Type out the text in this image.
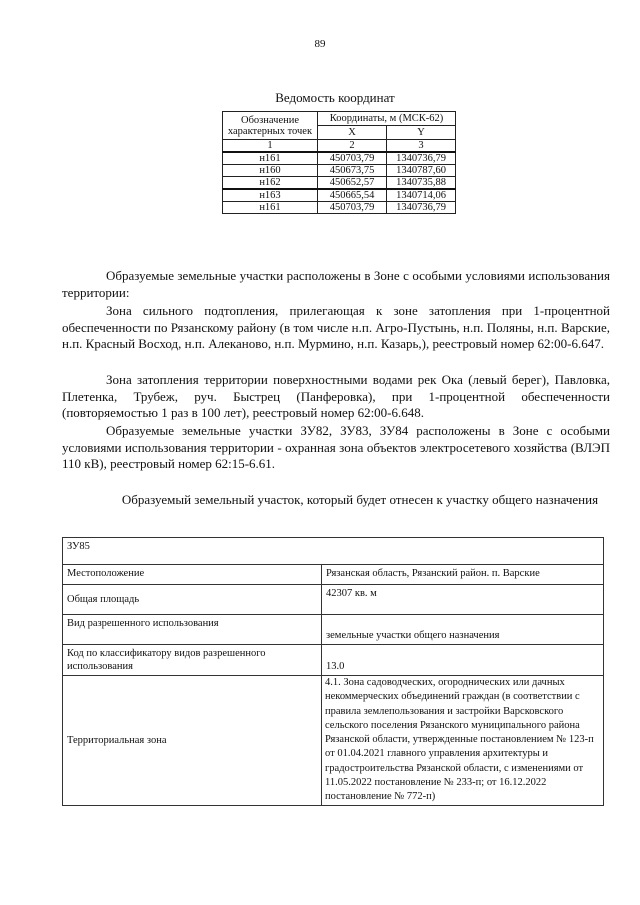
89
Ведомость координат
Обозначение характерных точек	Координаты, м (МСК-62)	
	X	Y
1	2	3
н161	450703,79	1340736,79
н160	450673,75	1340787,60
н162	450652,57	1340735,88
н163	450665,54	1340714,06
н161	450703,79	1340736,79

Образуемые земельные участки расположены в Зоне с особыми условиями использования территории:

Зона сильного подтопления, прилегающая к зоне затопления при 1-процентной обеспеченности по Рязанскому району (в том числе н.п. Агро-Пустынь, н.п. Поляны, н.п. Варские, н.п. Красный Восход, н.п. Алеканово, н.п. Мурмино, н.п. Казарь,), реестровый номер 62:00-6.647.

Зона затопления территории поверхностными водами рек Ока (левый берег), Павловка, Плетенка, Трубеж, руч. Быстрец (Панферовка), при 1-процентной обеспеченности (повторяемостью 1 раз в 100 лет), реестровый номер 62:00-6.648.

Образуемые земельные участки ЗУ82, ЗУ83, ЗУ84 расположены в Зоне с особыми условиями использования территории - охранная зона объектов электросетевого хозяйства (ВЛЭП 110 кВ), реестровый номер 62:15-6.61.

Образуемый земельный участок, который будет отнесен к участку общего назначения
ЗУ85	
Местоположение	Рязанская область, Рязанский район. п. Варские
Общая площадь	42307 кв. м
Вид разрешенного использования	земельные участки общего назначения
Код по классификатору видов разрешенного использования	13.0
Территориальная зона	4.1. Зона садоводческих, огороднических или дачных некоммерческих объединений граждан (в соответствии с правила землепользования и застройки Варсковского сельского поселения Рязанского муниципального района Рязанской области, утвержденные постановлением № 123-п от 01.04.2021 главного управления архитектуры и градостроительства Рязанской области, с изменениями от 11.05.2022 постановление № 233-п; от 16.12.2022 постановление № 772-п)
